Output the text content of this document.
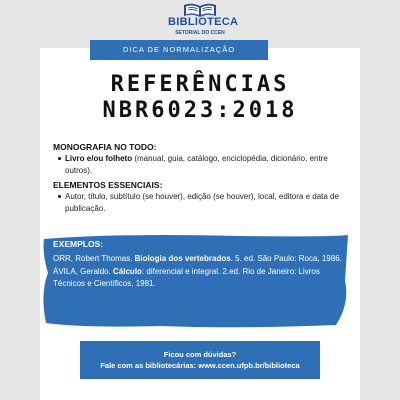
BIBLIOTECA
SETORIAL DO CCEN
DICA DE NORMALIZAÇÃO
REFERÊNCIAS
NBR6023:2018
MONOGRAFIA NO TODO:
Livro e/ou folheto (manual, guia, catálogo, enciclopédia, dicionário, entre outros).
ELEMENTOS ESSENCIAIS:
Autor, título, subtítulo (se houver), edição (se houver), local, editora e data de publicação.
EXEMPLOS:

ORR, Robert Thomas. Biologia dos vertebrados. 5. ed. São Paulo: Roca, 1986.

ÁVILA, Geraldo. Cálculo: diferencial e integral. 2.ed. Rio de Janeiro: Livros Técnicos e Científicos, 1981.

Ficou com dúvidas?
Fale com as bibliotecárias: www.ccen.ufpb.br/biblioteca
